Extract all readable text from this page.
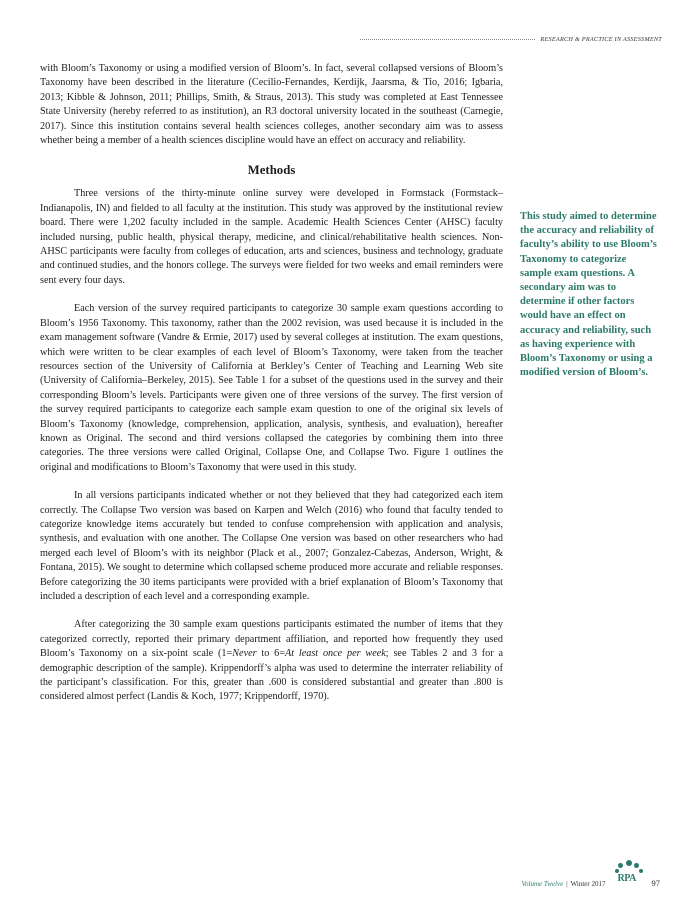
RESEARCH & PRACTICE IN ASSESSMENT

with Bloom’s Taxonomy or using a modified version of Bloom’s. In fact, several collapsed versions of Bloom’s Taxonomy have been described in the literature (Cecilio-Fernandes, Kerdijk, Jaarsma, & Tio, 2016; Igbaria, 2013; Kibble & Johnson, 2011; Phillips, Smith, & Straus, 2013). This study was completed at East Tennessee State University (hereby referred to as institution), an R3 doctoral university located in the southeast (Carnegie, 2017). Since this institution contains several health sciences colleges, another secondary aim was to assess whether being a member of a health sciences discipline would have an effect on accuracy and reliability.

Methods

Three versions of the thirty-minute online survey were developed in Formstack (Formstack–Indianapolis, IN) and fielded to all faculty at the institution. This study was approved by the institutional review board. There were 1,202 faculty included in the sample. Academic Health Sciences Center (AHSC) faculty included nursing, public health, physical therapy, medicine, and clinical/rehabilitative health sciences. Non-AHSC participants were faculty from colleges of education, arts and sciences, business and technology, graduate and continued studies, and the honors college. The surveys were fielded for two weeks and email reminders were sent every four days.

Each version of the survey required participants to categorize 30 sample exam questions according to Bloom’s 1956 Taxonomy. This taxonomy, rather than the 2002 revision, was used because it is included in the exam management software (Vandre & Ermie, 2017) used by several colleges at institution. The exam questions, which were written to be clear examples of each level of Bloom’s Taxonomy, were taken from the teacher resources section of the University of California at Berkley’s Center of Teaching and Learning Web site (University of California–Berkeley, 2015). See Table 1 for a subset of the questions used in the survey and their corresponding Bloom’s levels. Participants were given one of three versions of the survey. The first version of the survey required participants to categorize each sample exam question to one of the original six levels of Bloom’s Taxonomy (knowledge, comprehension, application, analysis, synthesis, and evaluation), hereafter known as Original. The second and third versions collapsed the categories by combining them into three categories. The three versions were called Original, Collapse One, and Collapse Two. Figure 1 outlines the original and modifications to Bloom’s Taxonomy that were used in this study.

In all versions participants indicated whether or not they believed that they had categorized each item correctly. The Collapse Two version was based on Karpen and Welch (2016) who found that faculty tended to categorize knowledge items accurately but tended to confuse comprehension with application and analysis, synthesis, and evaluation with one another. The Collapse One version was based on other researchers who had merged each level of Bloom’s with its neighbor (Plack et al., 2007; Gonzalez-Cabezas, Anderson, Wright, & Fontana, 2015). We sought to determine which collapsed scheme produced more accurate and reliable responses. Before categorizing the 30 items participants were provided with a brief explanation of Bloom’s Taxonomy that included a description of each level and a corresponding example.

After categorizing the 30 sample exam questions participants estimated the number of items that they categorized correctly, reported their primary department affiliation, and reported how frequently they used Bloom’s Taxonomy on a six-point scale (1=Never to 6=At least once per week; see Tables 2 and 3 for a demographic description of the sample). Krippendorff’s alpha was used to determine the interrater reliability of the participant’s classification. For this, greater than .600 is considered substantial and greater than .800 is considered almost perfect (Landis & Koch, 1977; Krippendorff, 1970).

This study aimed to determine the accuracy and reliability of faculty’s ability to use Bloom’s Taxonomy to categorize sample exam questions. A secondary aim was to determine if other factors would have an effect on accuracy and reliability, such as having experience with Bloom’s Taxonomy or using a modified version of Bloom’s.
Volume Twelve | Winter 2017 RPA 97
